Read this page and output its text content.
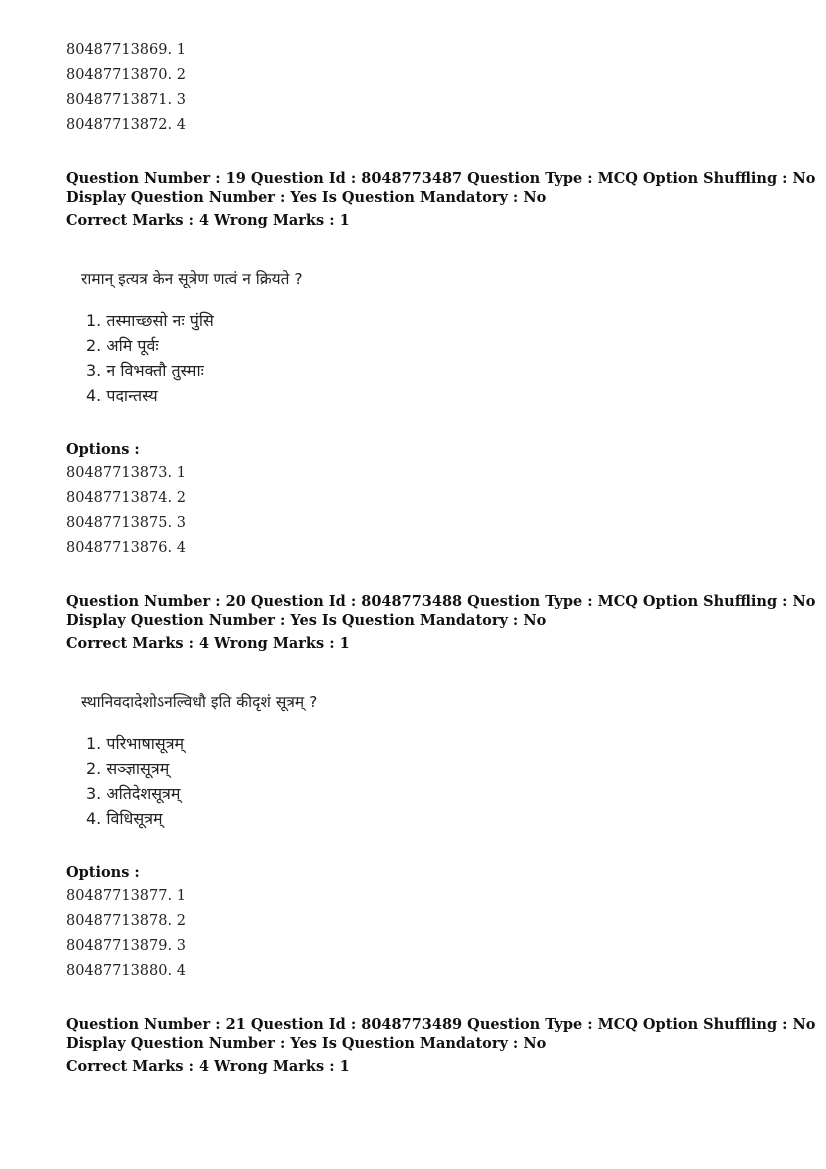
80487713869. 1
80487713870. 2
80487713871. 3
80487713872. 4
Question Number : 19 Question Id : 8048773487 Question Type : MCQ Option Shuffling : No
Display Question Number : Yes Is Question Mandatory : No
Correct Marks : 4 Wrong Marks : 1
रामान् इत्यत्र केन सूत्रेण णत्वं न क्रियते ?
1. तस्माच्छसो नः पुंसि
2. अमि पूर्वः
3. न विभक्तौ तुस्माः
4. पदान्तस्य
Options :
80487713873. 1
80487713874. 2
80487713875. 3
80487713876. 4
Question Number : 20 Question Id : 8048773488 Question Type : MCQ Option Shuffling : No
Display Question Number : Yes Is Question Mandatory : No
Correct Marks : 4 Wrong Marks : 1
स्थानिवदादेशोऽनल्विधौ इति कीदृशं सूत्रम् ?
1. परिभाषासूत्रम्
2. सञ्ज्ञासूत्रम्
3. अतिदेशसूत्रम्
4. विधिसूत्रम्
Options :
80487713877. 1
80487713878. 2
80487713879. 3
80487713880. 4
Question Number : 21 Question Id : 8048773489 Question Type : MCQ Option Shuffling : No
Display Question Number : Yes Is Question Mandatory : No
Correct Marks : 4 Wrong Marks : 1
